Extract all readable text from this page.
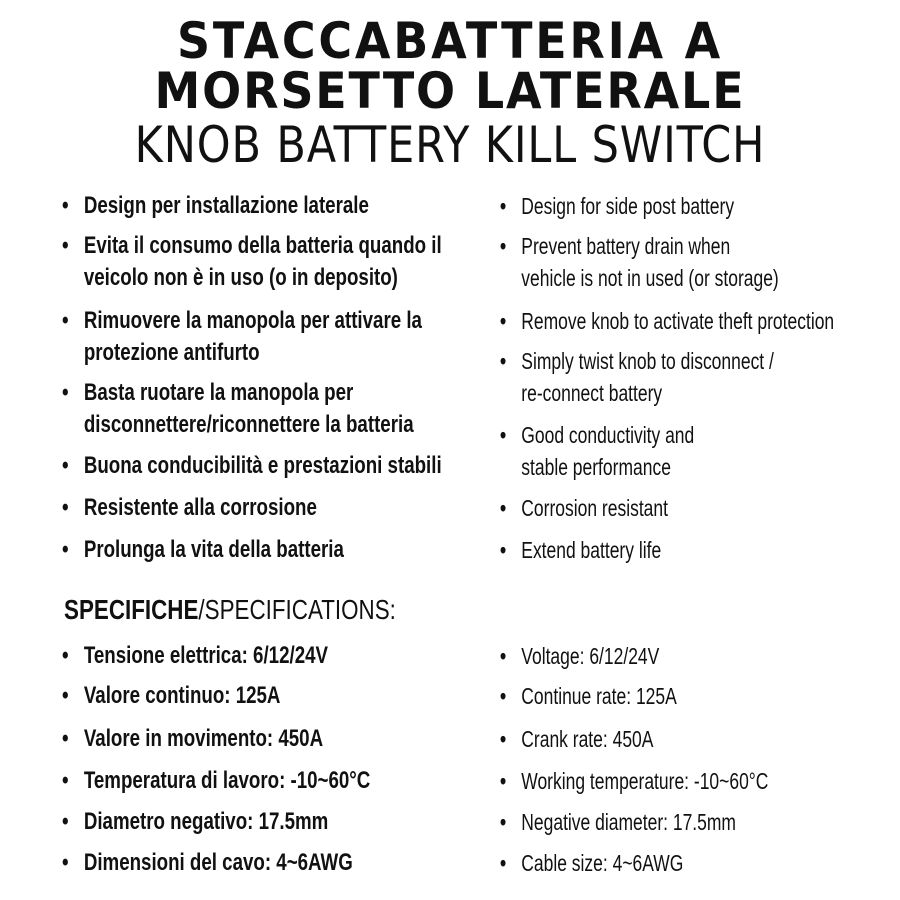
STACCABATTERIA A
MORSETTO LATERALE
KNOB BATTERY KILL SWITCH
• Design per installazione laterale
• Evita il consumo della batteria quando il
veicolo non è in uso (o in deposito)
• Rimuovere la manopola per attivare la
protezione antifurto
• Basta ruotare la manopola per
disconnettere/riconnettere la batteria
• Buona conducibilità e prestazioni stabili
• Resistente alla corrosione
• Prolunga la vita della batteria
• Design for side post battery
• Prevent battery drain when
vehicle is not in used (or storage)
• Remove knob to activate theft protection
• Simply twist knob to disconnect /
re-connect battery
• Good conductivity and
stable performance
• Corrosion resistant
• Extend battery life
SPECIFICHE/SPECIFICATIONS:
• Tensione elettrica: 6/12/24V
• Valore continuo: 125A
• Valore in movimento: 450A
• Temperatura di lavoro: -10~60°C
• Diametro negativo: 17.5mm
• Dimensioni del cavo: 4~6AWG
• Voltage: 6/12/24V
• Continue rate: 125A
• Crank rate: 450A
• Working temperature: -10~60°C
• Negative diameter: 17.5mm
• Cable size: 4~6AWG
